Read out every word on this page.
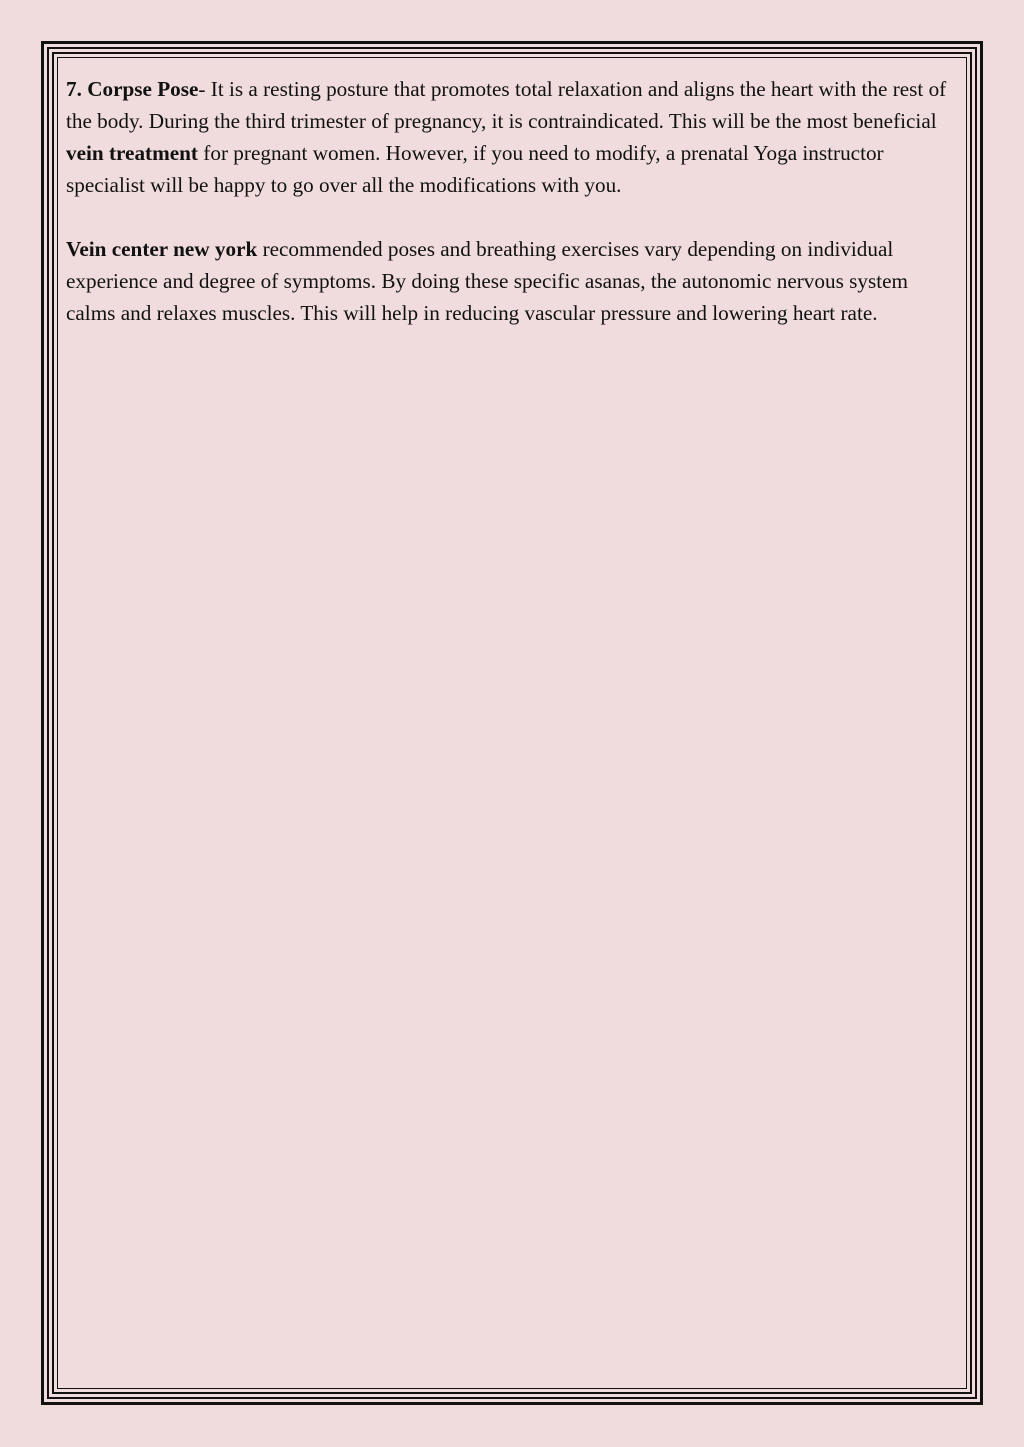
7. Corpse Pose- It is a resting posture that promotes total relaxation and aligns the heart with the rest of the body. During the third trimester of pregnancy, it is contraindicated. This will be the most beneficial vein treatment for pregnant women. However, if you need to modify, a prenatal Yoga instructor specialist will be happy to go over all the modifications with you.

Vein center new york recommended poses and breathing exercises vary depending on individual experience and degree of symptoms. By doing these specific asanas, the autonomic nervous system calms and relaxes muscles. This will help in reducing vascular pressure and lowering heart rate.
